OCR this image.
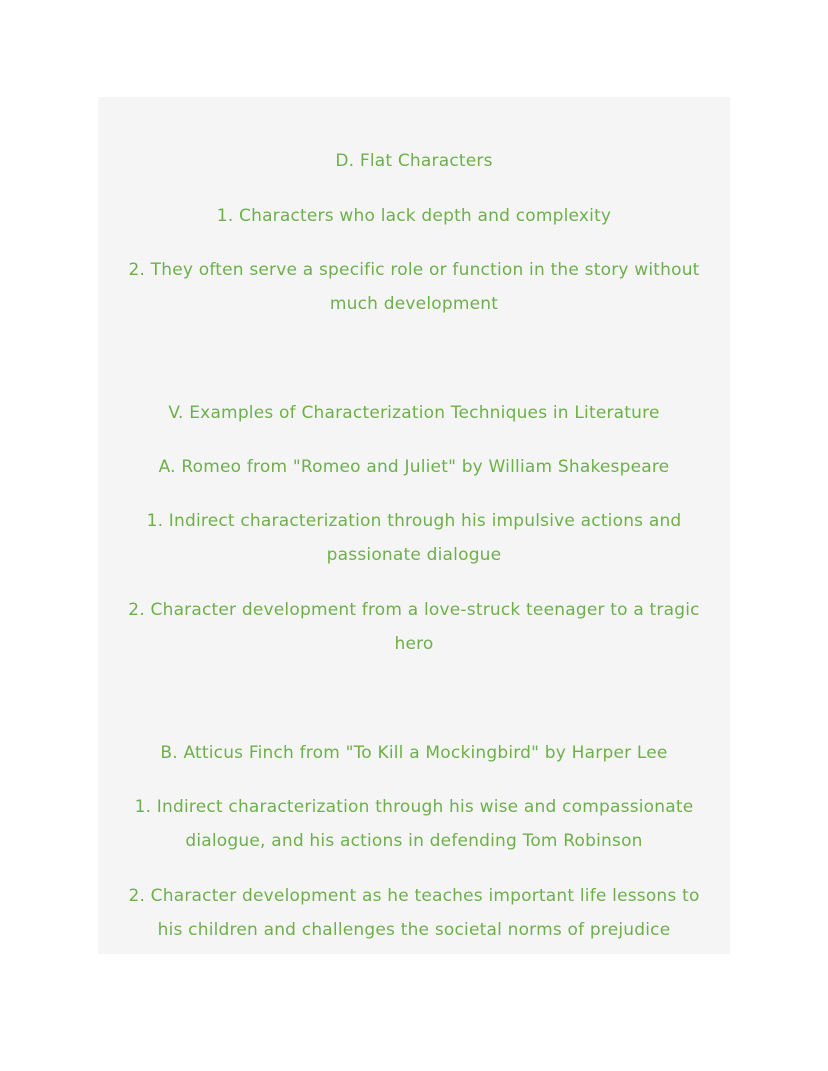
D. Flat Characters
1. Characters who lack depth and complexity
2. They often serve a specific role or function in the story without
much development
V. Examples of Characterization Techniques in Literature
A. Romeo from "Romeo and Juliet" by William Shakespeare
1. Indirect characterization through his impulsive actions and
passionate dialogue
2. Character development from a love-struck teenager to a tragic
hero
B. Atticus Finch from "To Kill a Mockingbird" by Harper Lee
1. Indirect characterization through his wise and compassionate
dialogue, and his actions in defending Tom Robinson
2. Character development as he teaches important life lessons to
his children and challenges the societal norms of prejudice
